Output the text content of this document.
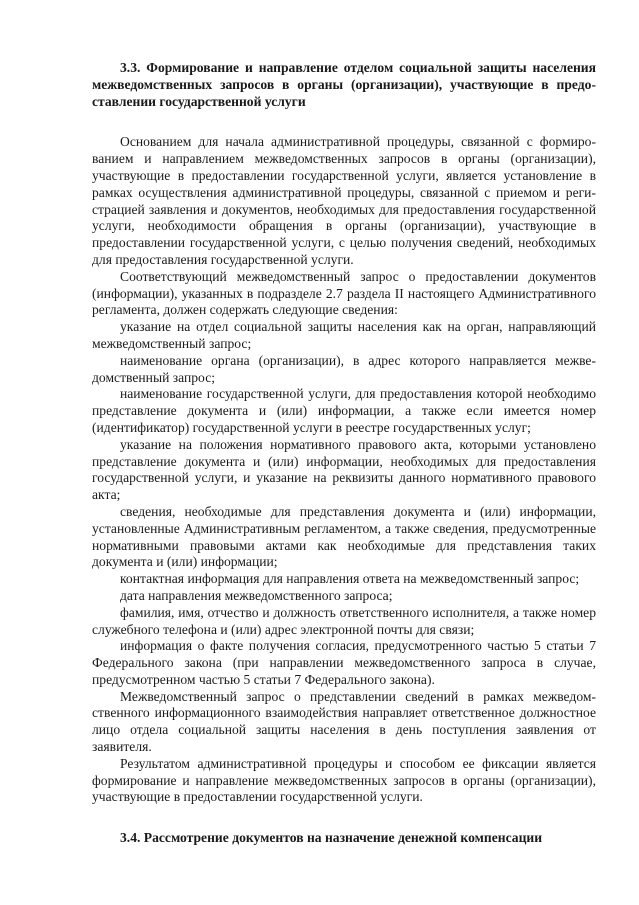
3.3. Формирование и направление отделом социальной защиты населения межведомственных запросов в органы (организации), участвующие в предоставлении государственной услуги

Основанием для начала административной процедуры, связанной с формированием и направлением межведомственных запросов в органы (организации), участвующие в предоставлении государственной услуги, является установление в рамках осуществления административной процедуры, связанной с приемом и регистрацией заявления и документов, необходимых для предоставления государственной услуги, необходимости обращения в органы (организации), участвующие в предоставлении государственной услуги, с целью получения сведений, необходимых для предоставления государственной услуги.

Соответствующий межведомственный запрос о предоставлении документов (информации), указанных в подразделе 2.7 раздела II настоящего Административного регламента, должен содержать следующие сведения:

указание на отдел социальной защиты населения как на орган, направляющий межведомственный запрос;

наименование органа (организации), в адрес которого направляется межведомственный запрос;

наименование государственной услуги, для предоставления которой необходимо представление документа и (или) информации, а также если имеется номер (идентификатор) государственной услуги в реестре государственных услуг;

указание на положения нормативного правового акта, которыми установлено представление документа и (или) информации, необходимых для предоставления государственной услуги, и указание на реквизиты данного нормативного правового акта;

сведения, необходимые для представления документа и (или) информации, установленные Административным регламентом, а также сведения, предусмотренные нормативными правовыми актами как необходимые для представления таких документа и (или) информации;

контактная информация для направления ответа на межведомственный запрос;

дата направления межведомственного запроса;

фамилия, имя, отчество и должность ответственного исполнителя, а также номер служебного телефона и (или) адрес электронной почты для связи;

информация о факте получения согласия, предусмотренного частью 5 статьи 7 Федерального закона (при направлении межведомственного запроса в случае, предусмотренном частью 5 статьи 7 Федерального закона).

Межведомственный запрос о представлении сведений в рамках межведомственного информационного взаимодействия направляет ответственное должностное лицо отдела социальной защиты населения в день поступления заявления от заявителя.

Результатом административной процедуры и способом ее фиксации является формирование и направление межведомственных запросов в органы (организации), участвующие в предоставлении государственной услуги.

3.4. Рассмотрение документов на назначение денежной компенсации
